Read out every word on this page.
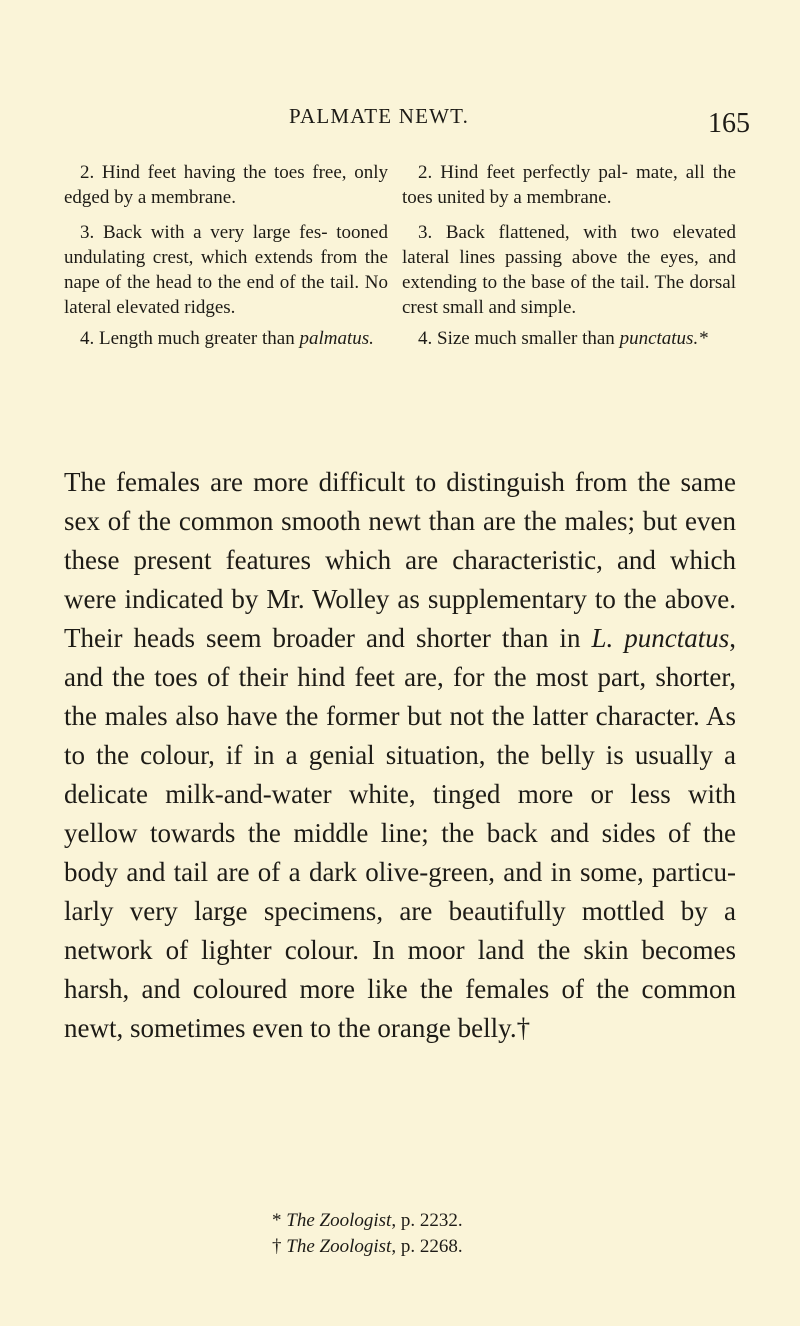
PALMATE NEWT.	165
2. Hind feet having the toes free, only edged by a membrane.
2. Hind feet perfectly pal- mate, all the toes united by a membrane.
3. Back with a very large fes- tooned undulating crest, which extends from the nape of the head to the end of the tail. No lateral elevated ridges.
3. Back flattened, with two elevated lateral lines passing above the eyes, and extending to the base of the tail. The dorsal crest small and simple.
4. Length much greater than palmatus.	4. Size much smaller than punctatus.*

The females are more difficult to distinguish from the same sex of the common smooth newt than are the males; but even these present features which are characteristic, and which were indicated by Mr. Wolley as supplementary to the above. Their heads seem broader and shorter than in L. punctatus, and the toes of their hind feet are, for the most part, shorter, the males also have the former but not the latter character. As to the colour, if in a genial situation, the belly is usually a delicate milk-and-water white, tinged more or less with yellow towards the middle line; the back and sides of the body and tail are of a dark olive-green, and in some, particu- larly very large specimens, are beautifully mottled by a network of lighter colour. In moor land the skin becomes harsh, and coloured more like the females of the common newt, sometimes even to the orange belly.†

* The Zoologist, p. 2232.
† The Zoologist, p. 2268.
